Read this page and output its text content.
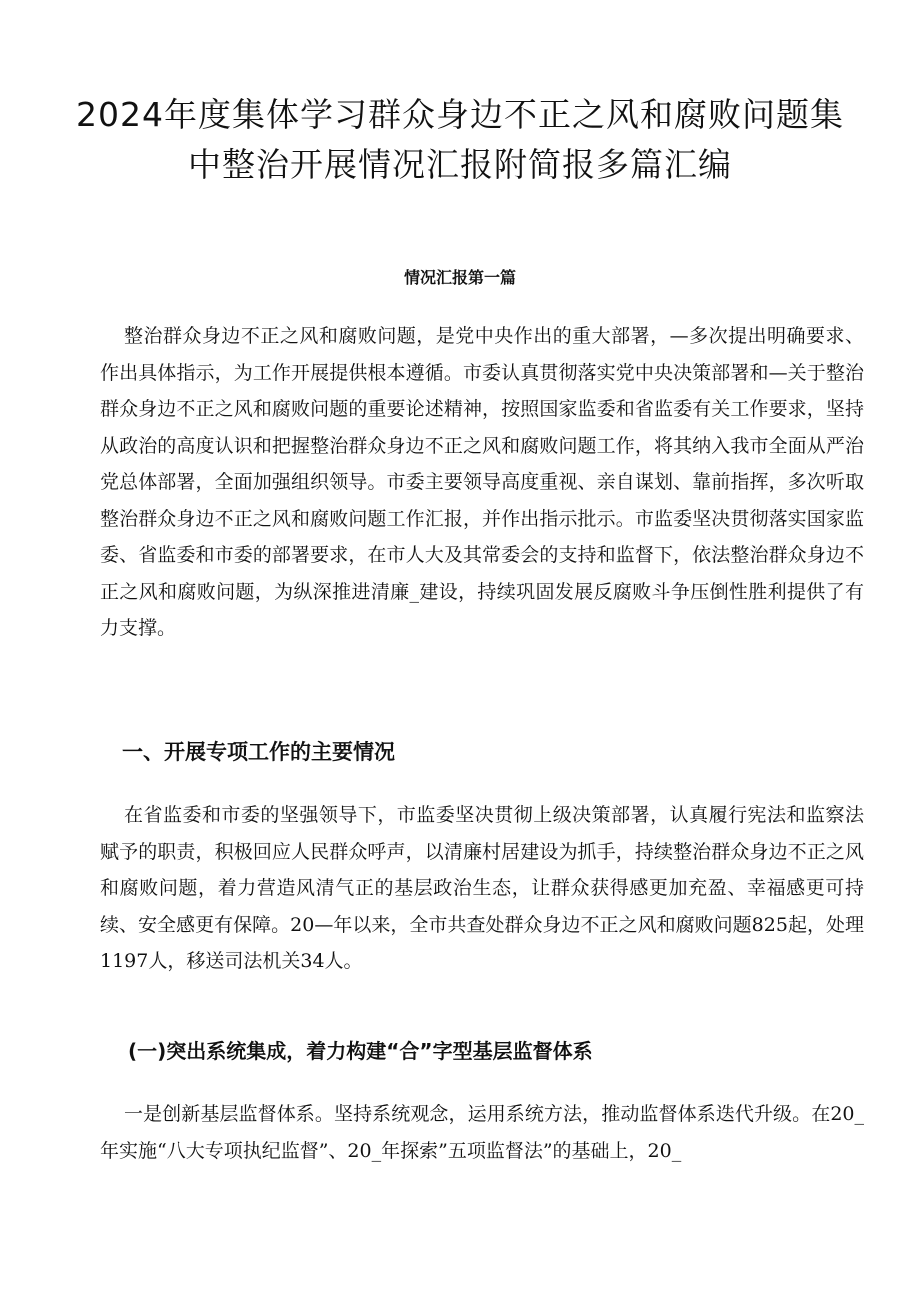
2024年度集体学习群众身边不正之风和腐败问题集中整治开展情况汇报附简报多篇汇编
情况汇报第一篇

整治群众身边不正之风和腐败问题，是党中央作出的重大部署，—多次提出明确要求、作出具体指示，为工作开展提供根本遵循。市委认真贯彻落实党中央决策部署和—关于整治群众身边不正之风和腐败问题的重要论述精神，按照国家监委和省监委有关工作要求，坚持从政治的高度认识和把握整治群众身边不正之风和腐败问题工作，将其纳入我市全面从严治党总体部署，全面加强组织领导。市委主要领导高度重视、亲自谋划、靠前指挥，多次听取整治群众身边不正之风和腐败问题工作汇报，并作出指示批示。市监委坚决贯彻落实国家监委、省监委和市委的部署要求，在市人大及其常委会的支持和监督下，依法整治群众身边不正之风和腐败问题，为纵深推进清廉_建设，持续巩固发展反腐败斗争压倒性胜利提供了有力支撑。

一、开展专项工作的主要情况

在省监委和市委的坚强领导下，市监委坚决贯彻上级决策部署，认真履行宪法和监察法赋予的职责，积极回应人民群众呼声，以清廉村居建设为抓手，持续整治群众身边不正之风和腐败问题，着力营造风清气正的基层政治生态，让群众获得感更加充盈、幸福感更可持续、安全感更有保障。20—年以来，全市共查处群众身边不正之风和腐败问题825起，处理1197人，移送司法机关34人。

(一)突出系统集成，着力构建“合”字型基层监督体系

一是创新基层监督体系。坚持系统观念，运用系统方法，推动监督体系迭代升级。在20_年实施“八大专项执纪监督”、20_年探索”五项监督法”的基础上，20_
